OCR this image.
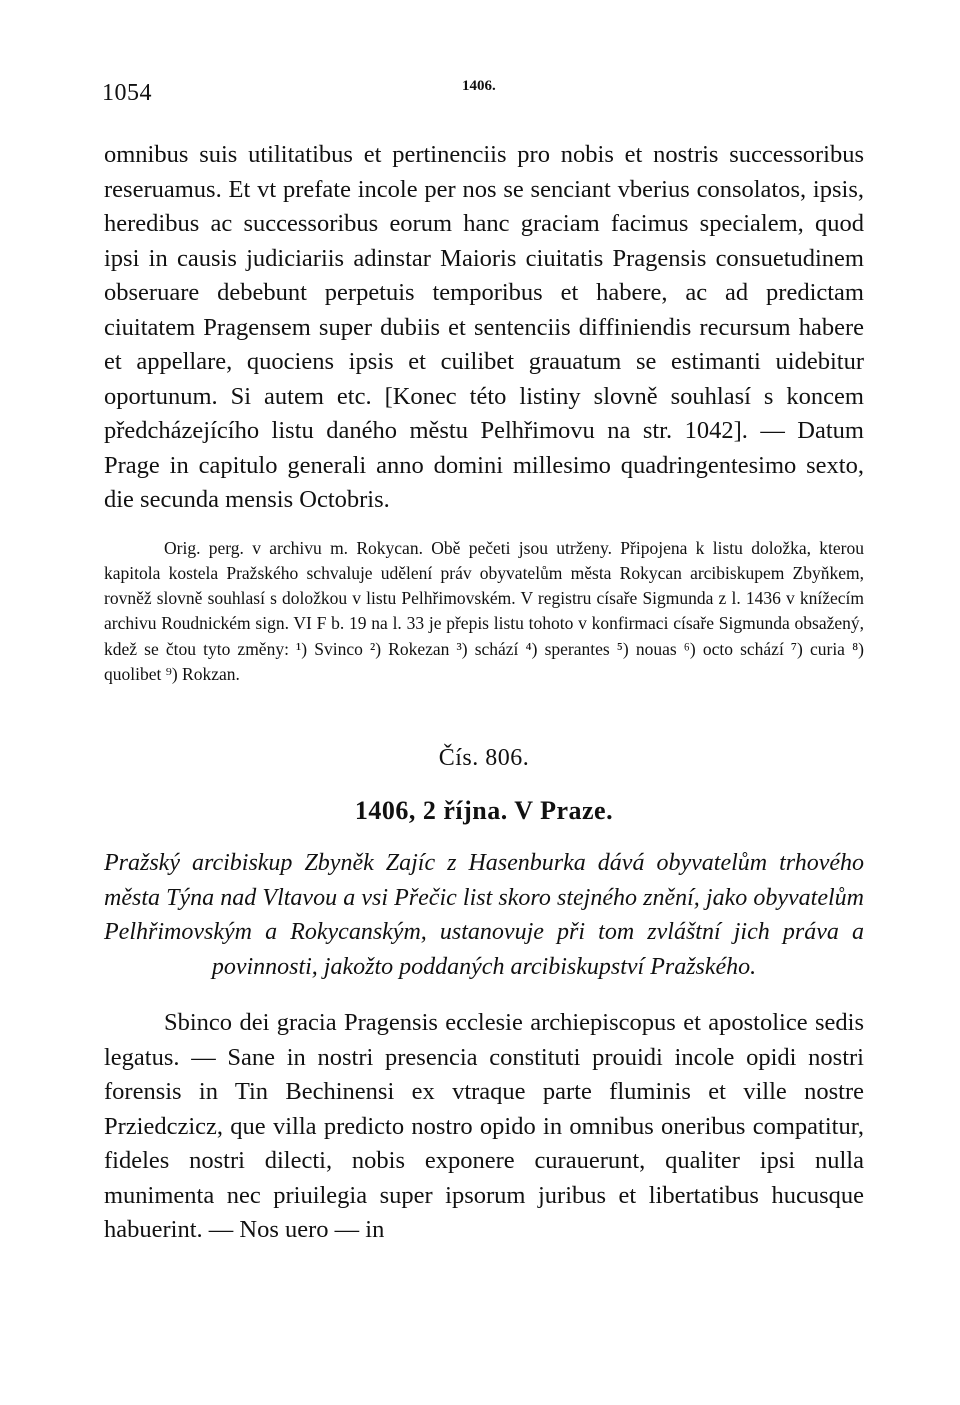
1054	1406.

omnibus suis utilitatibus et pertinenciis pro nobis et nostris successoribus reseruamus. Et vt prefate incole per nos se senciant vberius consolatos, ipsis, heredibus ac successoribus eorum hanc graciam facimus specialem, quod ipsi in causis judiciariis adinstar Maioris ciuitatis Pragensis consuetudinem obseruare debebunt perpetuis temporibus et habere, ac ad predictam ciuitatem Pragensem super dubiis et sentenciis diffiniendis recursum habere et appellare, quociens ipsis et cuilibet grauatum se estimanti uidebitur oportunum. Si autem etc. [Konec této listiny slovně souhlasí s koncem předcházejícího listu daného městu Pelhřimovu na str. 1042]. — Datum Prage in capitulo generali anno domini millesimo quadringentesimo sexto, die secunda mensis Octobris.

Orig. perg. v archivu m. Rokycan. Obě pečeti jsou utrženy. Připojena k listu doložka, kterou kapitola kostela Pražského schvaluje udělení práv obyvatelům města Rokycan arcibiskupem Zbyňkem, rovněž slovně souhlasí s doložkou v listu Pelhřimovském. V registru císaře Sigmunda z l. 1436 v knížecím archivu Roudnickém sign. VI F b. 19 na l. 33 je přepis listu tohoto v konfirmaci císaře Sigmunda obsažený, kdež se čtou tyto změny: ¹) Svinco ²) Rokezan ³) schází ⁴) sperantes ⁵) nouas ⁶) octo schází ⁷) curia ⁸) quolibet ⁹) Rokzan.

Čís. 806.
1406, 2 října. V Praze.

Pražský arcibiskup Zbyněk Zajíc z Hasenburka dává obyvatelům trhového města Týna nad Vltavou a vsi Přečic list skoro stejného znění, jako obyvatelům Pelhřimovským a Rokycanským, ustanovuje při tom zvláštní jich práva a povinnosti, jakožto poddaných arcibiskupství Pražského.

Sbinco dei gracia Pragensis ecclesie archiepiscopus et apostolice sedis legatus. — Sane in nostri presencia constituti prouidi incole opidi nostri forensis in Tin Bechinensi ex vtraque parte fluminis et ville nostre Prziedczicz, que villa predicto nostro opido in omnibus oneribus compatitur, fideles nostri dilecti, nobis exponere curauerunt, qualiter ipsi nulla munimenta nec priuilegia super ipsorum juribus et libertatibus hucusque habuerint. — Nos uero — in
